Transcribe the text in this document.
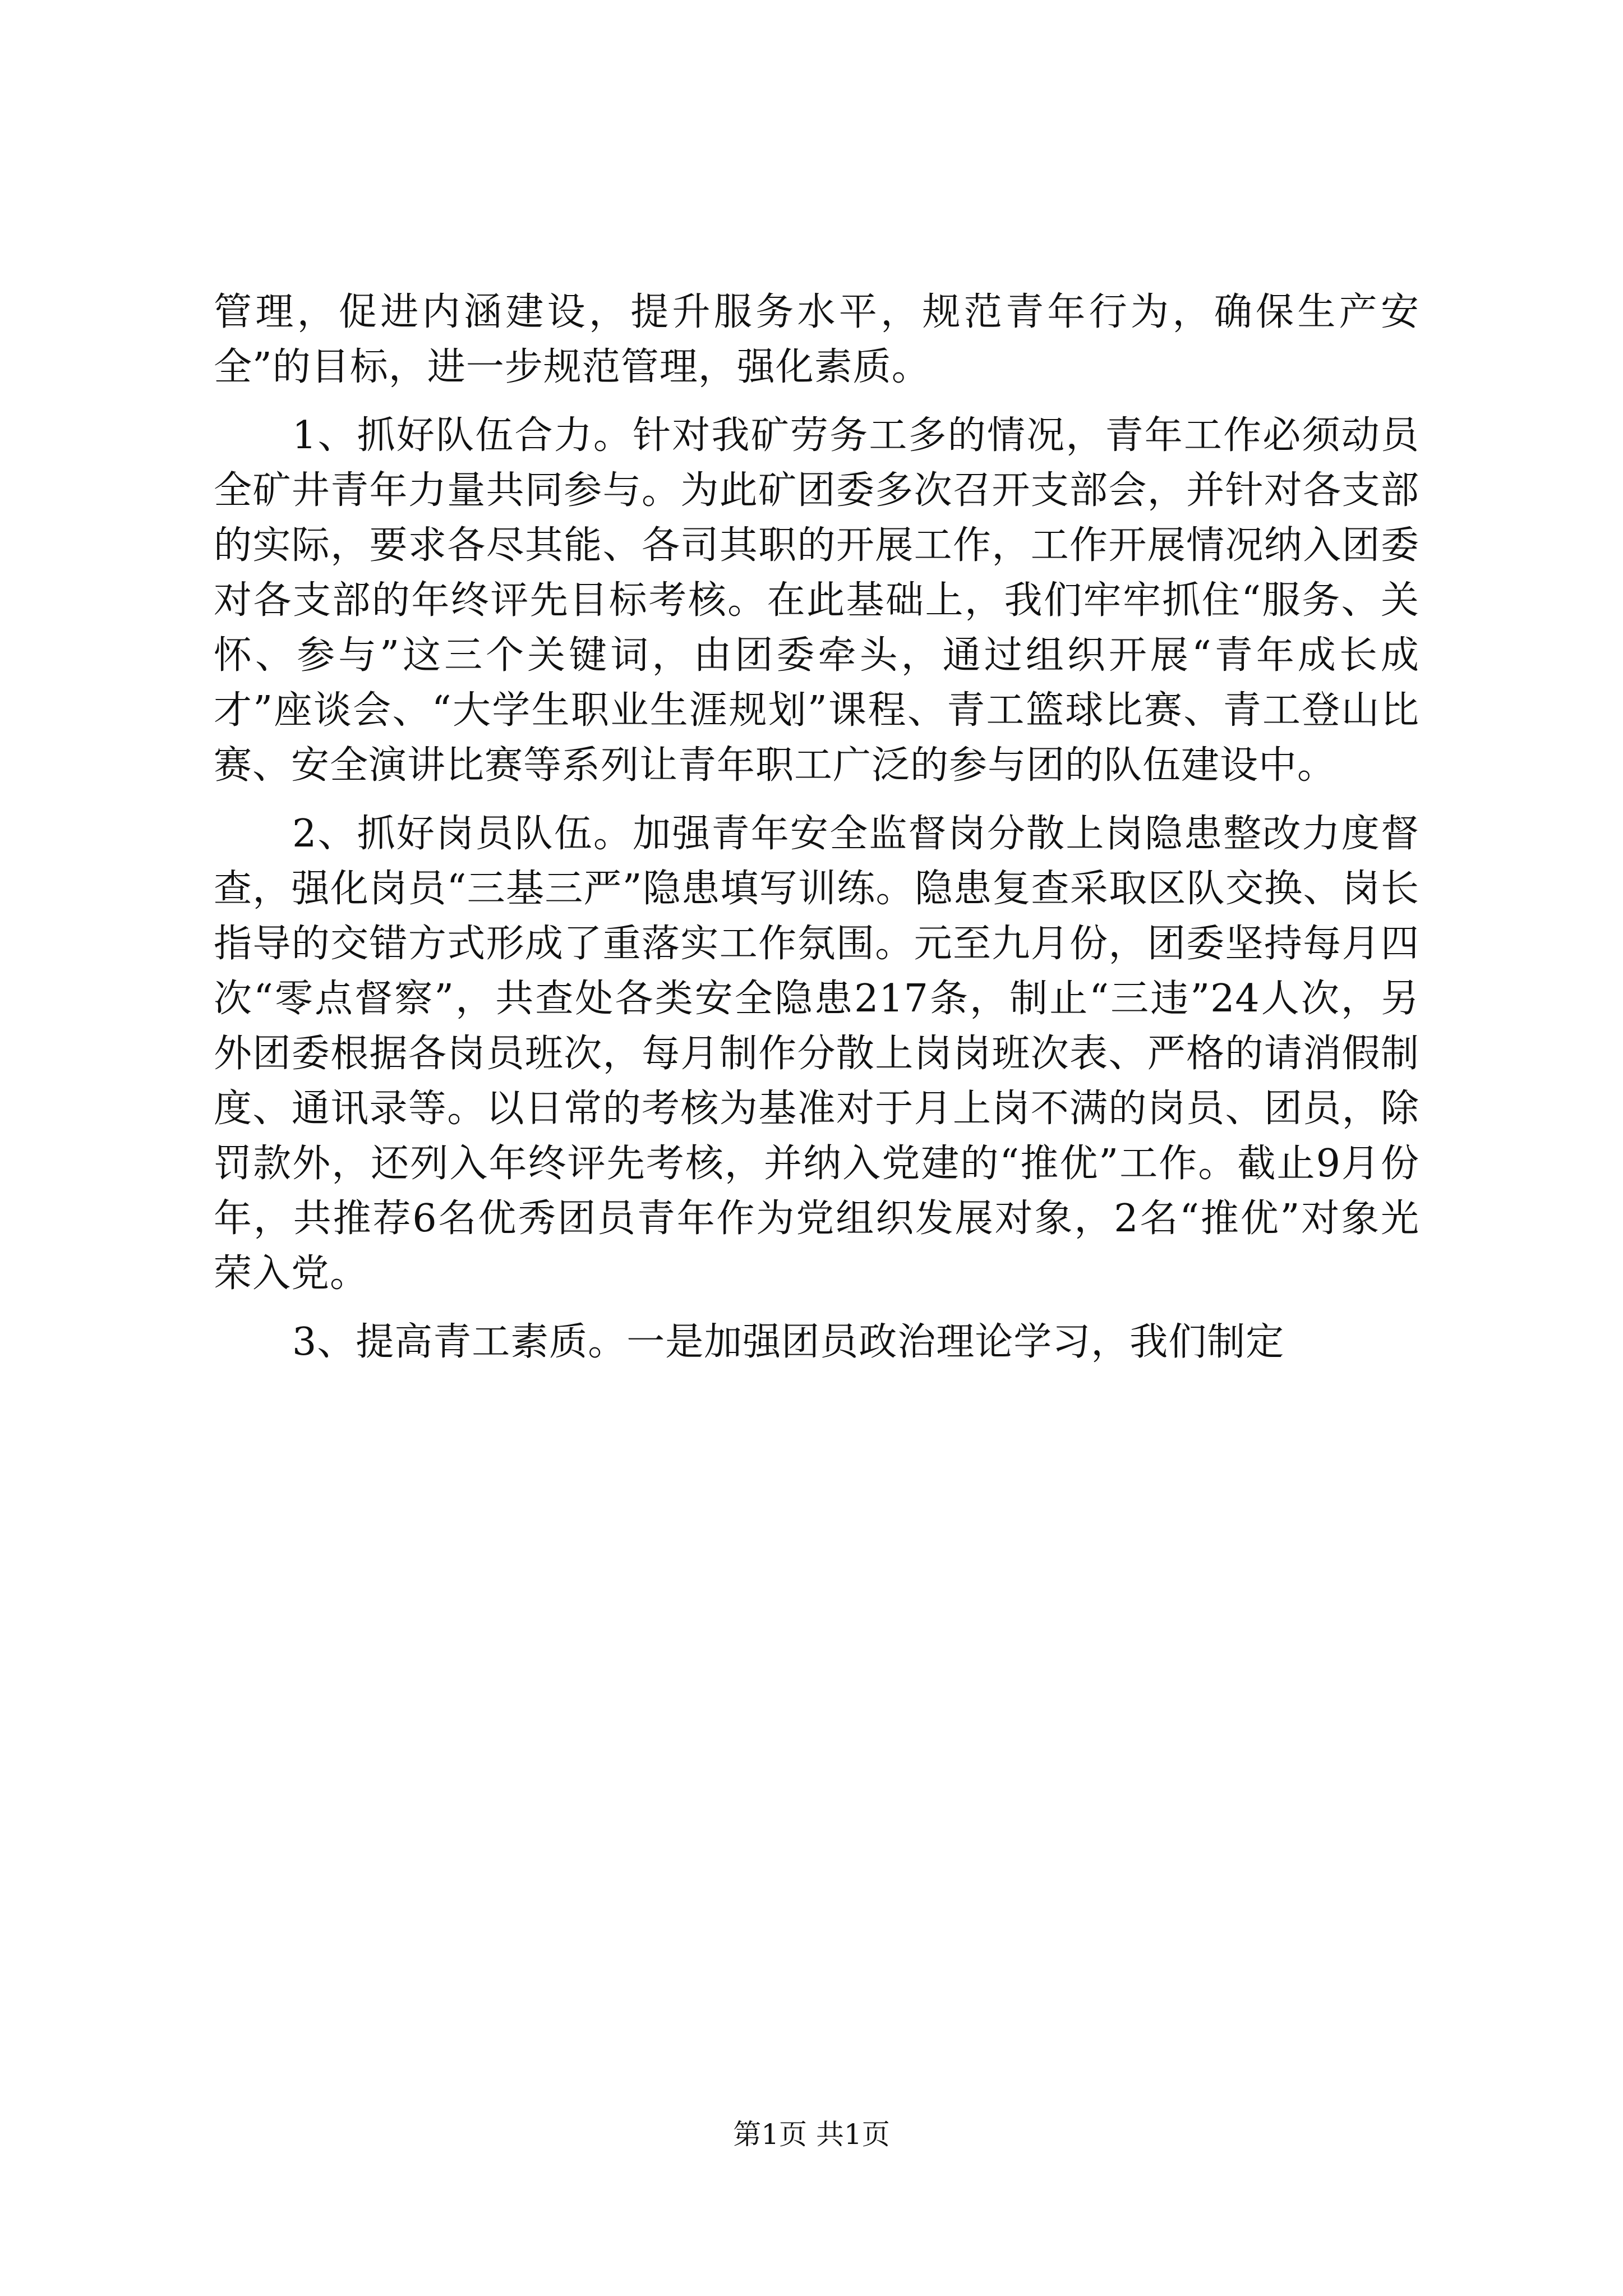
管理，促进内涵建设，提升服务水平，规范青年行为，确保生产安全”的目标，进一步规范管理，强化素质。

1、抓好队伍合力。针对我矿劳务工多的情况，青年工作必须动员全矿井青年力量共同参与。为此矿团委多次召开支部会，并针对各支部的实际，要求各尽其能、各司其职的开展工作，工作开展情况纳入团委对各支部的年终评先目标考核。在此基础上，我们牢牢抓住“服务、关怀、参与”这三个关键词，由团委牵头，通过组织开展“青年成长成才”座谈会、“大学生职业生涯规划”课程、青工篮球比赛、青工登山比赛、安全演讲比赛等系列让青年职工广泛的参与团的队伍建设中。

2、抓好岗员队伍。加强青年安全监督岗分散上岗隐患整改力度督查，强化岗员“三基三严”隐患填写训练。隐患复查采取区队交换、岗长指导的交错方式形成了重落实工作氛围。元至九月份，团委坚持每月四次“零点督察”，共查处各类安全隐患217条，制止“三违”24人次，另外团委根据各岗员班次，每月制作分散上岗岗班次表、严格的请消假制度、通讯录等。以日常的考核为基准对于月上岗不满的岗员、团员，除罚款外，还列入年终评先考核，并纳入党建的“推优”工作。截止9月份年，共推荐6名优秀团员青年作为党组织发展对象，2名“推优”对象光荣入党。

3、提高青工素质。一是加强团员政治理论学习，我们制定

第1页 共1页
